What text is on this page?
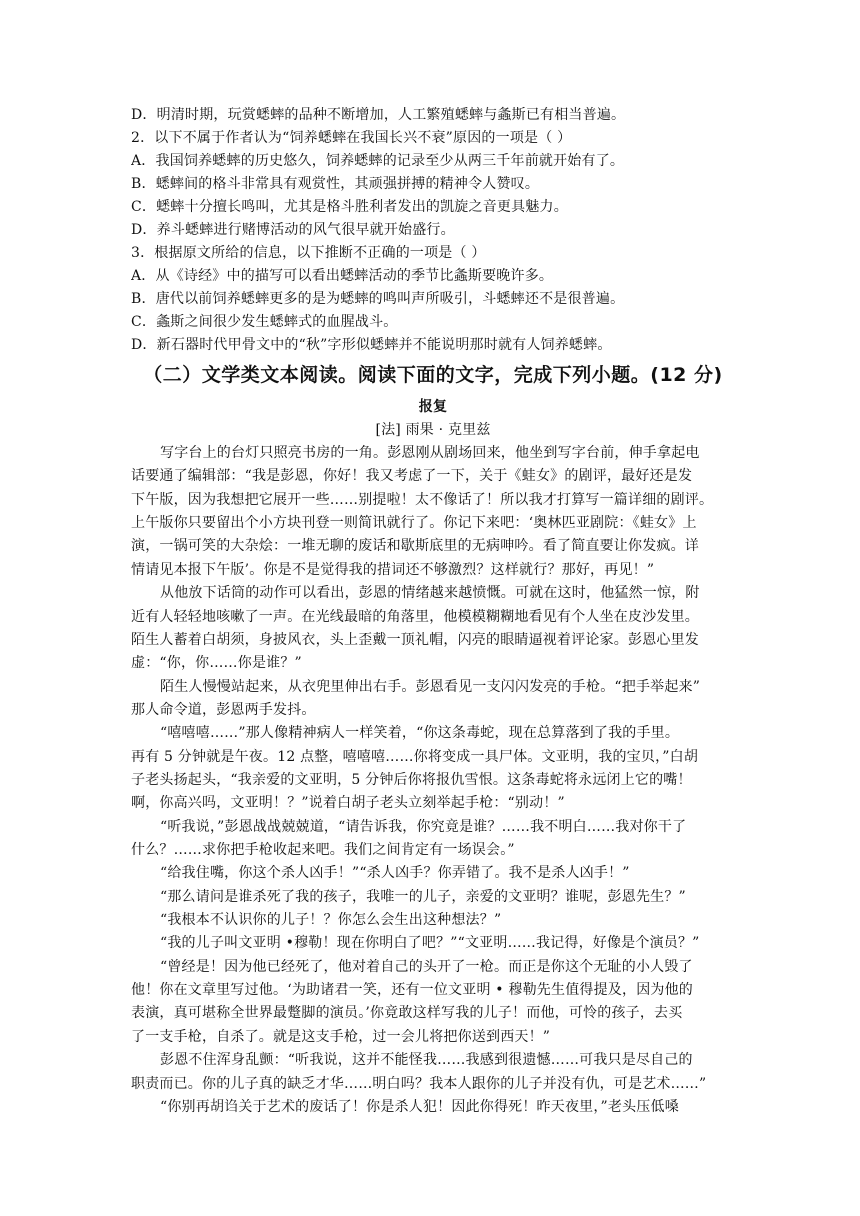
D．明清时期，玩赏蟋蟀的品种不断增加，人工繁殖蟋蟀与螽斯已有相当普遍。
2．以下不属于作者认为“饲养蟋蟀在我国长兴不衰”原因的一项是（ ）
A．我国饲养蟋蟀的历史悠久，饲养蟋蟀的记录至少从两三千年前就开始有了。
B．蟋蟀间的格斗非常具有观赏性，其顽强拼搏的精神令人赞叹。
C．蟋蟀十分擅长鸣叫，尤其是格斗胜利者发出的凯旋之音更具魅力。
D．养斗蟋蟀进行赌博活动的风气很早就开始盛行。
3．根据原文所给的信息，以下推断不正确的一项是（ ）
A．从《诗经》中的描写可以看出蟋蟀活动的季节比螽斯要晚许多。
B．唐代以前饲养蟋蟀更多的是为蟋蟀的鸣叫声所吸引，斗蟋蟀还不是很普遍。
C．螽斯之间很少发生蟋蟀式的血腥战斗。
D．新石器时代甲骨文中的“秋”字形似蟋蟀并不能说明那时就有人饲养蟋蟀。
（二）文学类文本阅读。阅读下面的文字，完成下列小题。(12 分)
报复
[法] 雨果 · 克里兹
写字台上的台灯只照亮书房的一角。彭恩刚从剧场回来，他坐到写字台前，伸手拿起电
话要通了编辑部：“我是彭恩，你好！我又考虑了一下，关于《蛙女》的剧评，最好还是发
下午版，因为我想把它展开一些……别提啦！太不像话了！所以我才打算写一篇详细的剧评。
上午版你只要留出个小方块刊登一则简讯就行了。你记下来吧：‘奥林匹亚剧院：《蛙女》上
演，一锅可笑的大杂烩：一堆无聊的废话和歇斯底里的无病呻吟。看了简直要让你发疯。详
情请见本报下午版’。你是不是觉得我的措词还不够激烈？这样就行？那好，再见！”
从他放下话筒的动作可以看出，彭恩的情绪越来越愤慨。可就在这时，他猛然一惊，附
近有人轻轻地咳嗽了一声。在光线最暗的角落里，他模模糊糊地看见有个人坐在皮沙发里。
陌生人蓄着白胡须，身披风衣，头上歪戴一顶礼帽，闪亮的眼睛逼视着评论家。彭恩心里发
虚：“你，你……你是谁？”
陌生人慢慢站起来，从衣兜里伸出右手。彭恩看见一支闪闪发亮的手枪。“把手举起来”
那人命令道，彭恩两手发抖。
“嘻嘻嘻……”那人像精神病人一样笑着，“你这条毒蛇，现在总算落到了我的手里。
再有 5 分钟就是午夜。12 点整，嘻嘻嘻……你将变成一具尸体。文亚明，我的宝贝，”白胡
子老头扬起头，“我亲爱的文亚明，5 分钟后你将报仇雪恨。这条毒蛇将永远闭上它的嘴！
啊，你高兴吗，文亚明！？”说着白胡子老头立刻举起手枪：“别动！”
“听我说，”彭恩战战兢兢道，“请告诉我，你究竟是谁？……我不明白……我对你干了
什么？……求你把手枪收起来吧。我们之间肯定有一场误会。”
“给我住嘴，你这个杀人凶手！”“杀人凶手？你弄错了。我不是杀人凶手！”
“那么请问是谁杀死了我的孩子，我唯一的儿子，亲爱的文亚明？谁呢，彭恩先生？”
“我根本不认识你的儿子！？你怎么会生出这种想法？”
“我的儿子叫文亚明 •穆勒！现在你明白了吧？”“文亚明……我记得，好像是个演员？”
“曾经是！因为他已经死了，他对着自己的头开了一枪。而正是你这个无耻的小人毁了
他！你在文章里写过他。‘为助诸君一笑，还有一位文亚明 • 穆勒先生值得提及，因为他的
表演，真可堪称全世界最蹩脚的演员。’你竟敢这样写我的儿子！而他，可怜的孩子，去买
了一支手枪，自杀了。就是这支手枪，过一会儿将把你送到西天！”
彭恩不住浑身乱颤：“听我说，这并不能怪我……我感到很遗憾……可我只是尽自己的
职责而已。你的儿子真的缺乏才华……明白吗？我本人跟你的儿子并没有仇，可是艺术……”
“你别再胡诌关于艺术的废话了！你是杀人犯！因此你得死！昨天夜里，”老头压低嗓
